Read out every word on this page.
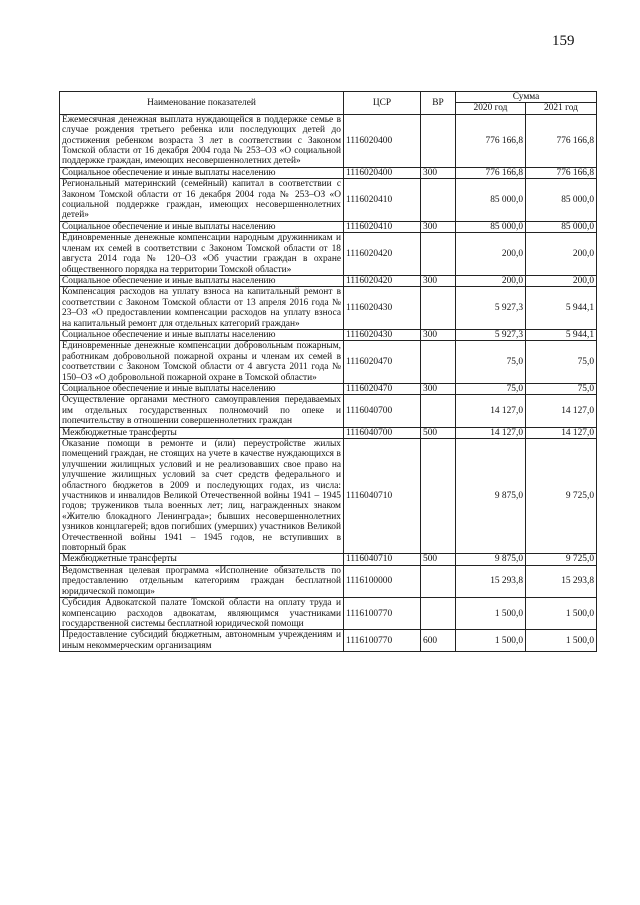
159
Наименование показателей	ЦСР	ВР	Сумма	
			2020 год	2021 год
Ежемесячная денежная выплата нуждающейся в поддержке семье в случае рождения третьего ребенка или последующих детей до достижения ребенком возраста 3 лет в соответствии с Законом Томской области от 16 декабря 2004 года № 253–ОЗ «О социальной поддержке граждан, имеющих несовершеннолетних детей»	1116020400		776 166,8	776 166,8
Социальное обеспечение и иные выплаты населению	1116020400	300	776 166,8	776 166,8
Региональный материнский (семейный) капитал в соответствии с Законом Томской области от 16 декабря 2004 года № 253–ОЗ «О социальной поддержке граждан, имеющих несовершеннолетних детей»	1116020410		85 000,0	85 000,0
Социальное обеспечение и иные выплаты населению	1116020410	300	85 000,0	85 000,0
Единовременные денежные компенсации народным дружинникам и членам их семей в соответствии с Законом Томской области от 18 августа 2014 года № 120–ОЗ «Об участии граждан в охране общественного порядка на территории Томской области»	1116020420		200,0	200,0
Социальное обеспечение и иные выплаты населению	1116020420	300	200,0	200,0
Компенсация расходов на уплату взноса на капитальный ремонт в соответствии с Законом Томской области от 13 апреля 2016 года № 23–ОЗ «О предоставлении компенсации расходов на уплату взноса на капитальный ремонт для отдельных категорий граждан»	1116020430		5 927,3	5 944,1
Социальное обеспечение и иные выплаты населению	1116020430	300	5 927,3	5 944,1
Единовременные денежные компенсации добровольным пожарным, работникам добровольной пожарной охраны и членам их семей в соответствии с Законом Томской области от 4 августа 2011 года № 150–ОЗ «О добровольной пожарной охране в Томской области»	1116020470		75,0	75,0
Социальное обеспечение и иные выплаты населению	1116020470	300	75,0	75,0
Осуществление органами местного самоуправления передаваемых им отдельных государственных полномочий по опеке и попечительству в отношении совершеннолетних граждан	1116040700		14 127,0	14 127,0
Межбюджетные трансферты	1116040700	500	14 127,0	14 127,0
Оказание помощи в ремонте и (или) переустройстве жилых помещений граждан, не стоящих на учете в качестве нуждающихся в улучшении жилищных условий и не реализовавших свое право на улучшение жилищных условий за счет средств федерального и областного бюджетов в 2009 и последующих годах, из числа: участников и инвалидов Великой Отечественной войны 1941 – 1945 годов; тружеников тыла военных лет; лиц, награжденных знаком «Жителю блокадного Ленинграда»; бывших несовершеннолетних узников концлагерей; вдов погибших (умерших) участников Великой Отечественной войны 1941 – 1945 годов, не вступивших в повторный брак	1116040710		9 875,0	9 725,0
Межбюджетные трансферты	1116040710	500	9 875,0	9 725,0
Ведомственная целевая программа «Исполнение обязательств по предоставлению отдельным категориям граждан бесплатной юридической помощи»	1116100000		15 293,8	15 293,8
Субсидия Адвокатской палате Томской области на оплату труда и компенсацию расходов адвокатам, являющимся участниками государственной системы бесплатной юридической помощи	1116100770		1 500,0	1 500,0
Предоставление субсидий бюджетным, автономным учреждениям и иным некоммерческим организациям	1116100770	600	1 500,0	1 500,0
